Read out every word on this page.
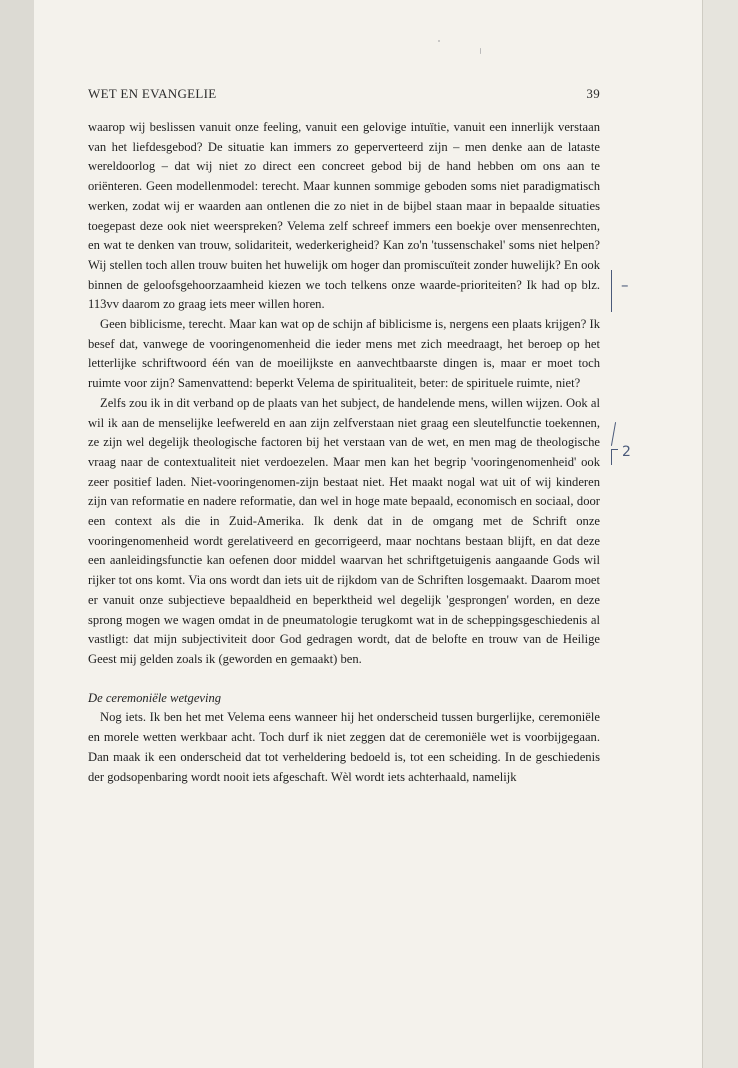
WET EN EVANGELIE	39

waarop wij beslissen vanuit onze feeling, vanuit een gelovige intuïtie, vanuit een innerlijk verstaan van het liefdesgebod? De situatie kan immers zo geperverteerd zijn – men denke aan de lataste wereldoorlog – dat wij niet zo direct een concreet gebod bij de hand hebben om ons aan te oriënteren. Geen modellenmodel: terecht. Maar kunnen sommige geboden soms niet paradigmatisch werken, zodat wij er waarden aan ontlenen die zo niet in de bijbel staan maar in bepaalde situaties toegepast deze ook niet weerspreken? Velema zelf schreef immers een boekje over mensenrechten, en wat te denken van trouw, solidariteit, wederkerigheid? Kan zo'n 'tussenschakel' soms niet helpen? Wij stellen toch allen trouw buiten het huwelijk om hoger dan promiscuïteit zonder huwelijk? En ook binnen de geloofsgehoorzaamheid kiezen we toch telkens onze waarde-prioriteiten? Ik had op blz. 113vv daarom zo graag iets meer willen horen.

Geen biblicisme, terecht. Maar kan wat op de schijn af biblicisme is, nergens een plaats krijgen? Ik besef dat, vanwege de vooringenomenheid die ieder mens met zich meedraagt, het beroep op het letterlijke schriftwoord één van de moeilijkste en aanvechtbaarste dingen is, maar er moet toch ruimte voor zijn? Samenvattend: beperkt Velema de spiritualiteit, beter: de spirituele ruimte, niet?

Zelfs zou ik in dit verband op de plaats van het subject, de handelende mens, willen wijzen. Ook al wil ik aan de menselijke leefwereld en aan zijn zelfverstaan niet graag een sleutelfunctie toekennen, ze zijn wel degelijk theologische factoren bij het verstaan van de wet, en men mag de theologische vraag naar de contextualiteit niet verdoezelen. Maar men kan het begrip 'vooringenomenheid' ook zeer positief laden. Niet-vooringenomen-zijn bestaat niet. Het maakt nogal wat uit of wij kinderen zijn van reformatie en nadere reformatie, dan wel in hoge mate bepaald, economisch en sociaal, door een context als die in Zuid-Amerika. Ik denk dat in de omgang met de Schrift onze vooringenomenheid wordt gerelativeerd en gecorrigeerd, maar nochtans bestaan blijft, en dat deze een aanleidingsfunctie kan oefenen door middel waarvan het schriftgetuigenis aangaande Gods wil rijker tot ons komt. Via ons wordt dan iets uit de rijkdom van de Schriften losgemaakt. Daarom moet er vanuit onze subjectieve bepaaldheid en beperktheid wel degelijk 'gesprongen' worden, en deze sprong mogen we wagen omdat in de pneumatologie terugkomt wat in de scheppingsgeschiedenis al vastligt: dat mijn subjectiviteit door God gedragen wordt, dat de belofte en trouw van de Heilige Geest mij gelden zoals ik (geworden en gemaakt) ben.

De ceremoniële wetgeving

Nog iets. Ik ben het met Velema eens wanneer hij het onderscheid tussen burgerlijke, ceremoniële en morele wetten werkbaar acht. Toch durf ik niet zeggen dat de ceremoniële wet is voorbijgegaan. Dan maak ik een onderscheid dat tot verheldering bedoeld is, tot een scheiding. In de geschiedenis der godsopenbaring wordt nooit iets afgeschaft. Wèl wordt iets achterhaald, namelijk

–
2
